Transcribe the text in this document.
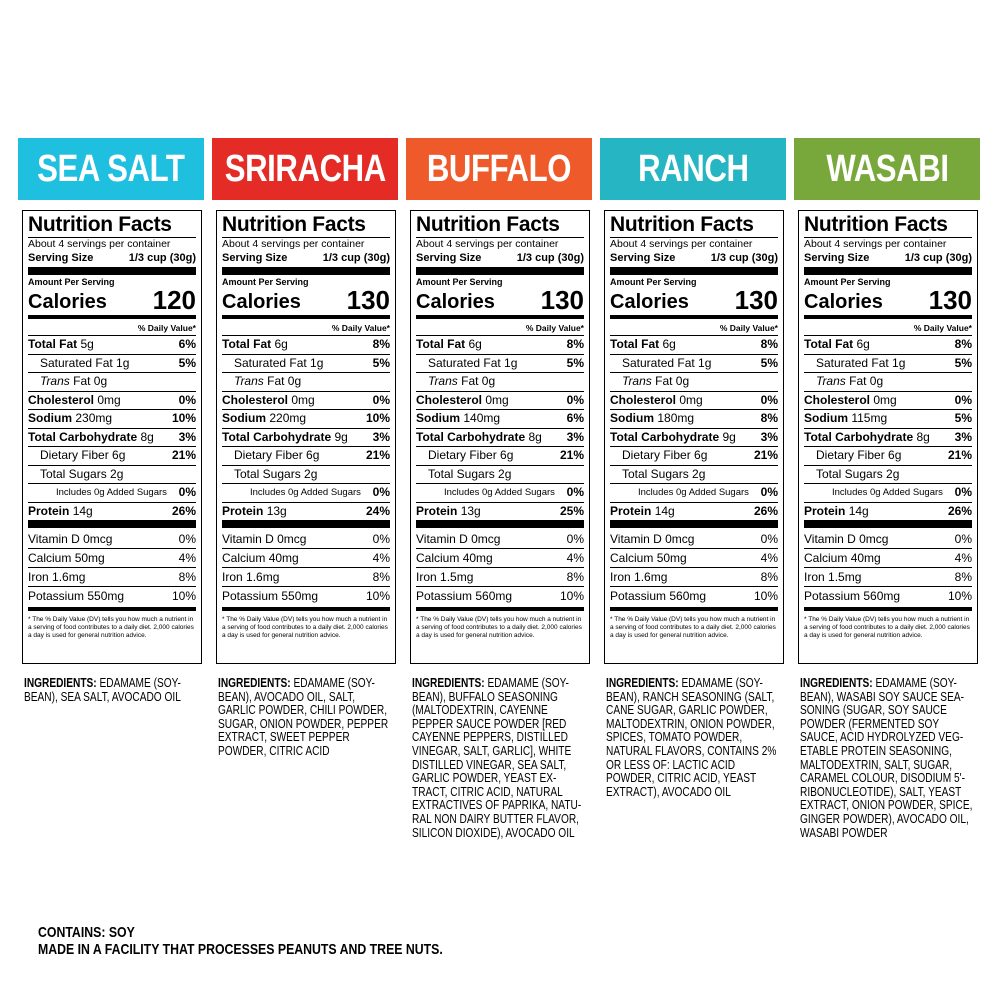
SEA SALT
Nutrition Facts
About 4 servings per container
Serving Size	1/3 cup (30g)
Amount Per Serving
Calories 120
% Daily Value*
Total Fat 5g	6%
Saturated Fat 1g	5%
Trans Fat 0g
Cholesterol 0mg	0%
Sodium 230mg	10%
Total Carbohydrate 8g 3%
Dietary Fiber 6g	21%
Total Sugars 2g
Includes 0g Added Sugars 0%
Protein 14g	26%
Vitamin D 0mcg	0%
Calcium 50mg	4%
Iron 1.6mg	8%
Potassium 550mg	10%
* The % Daily Value (DV) tells you how much a nutrient in a serving of food contributes to a daily diet. 2,000 calories a day is used for general nutrition advice.
INGREDIENTS: EDAMAME (SOY-BEAN), SEA SALT, AVOCADO OIL
SRIRACHA
Nutrition Facts
About 4 servings per container
Serving Size	1/3 cup (30g)
Amount Per Serving
Calories 130
% Daily Value*
Total Fat 6g	8%
Saturated Fat 1g	5%
Trans Fat 0g
Cholesterol 0mg	0%
Sodium 220mg	10%
Total Carbohydrate 9g 3%
Dietary Fiber 6g	21%
Total Sugars 2g
Includes 0g Added Sugars 0%
Protein 13g	24%
Vitamin D 0mcg	0%
Calcium 40mg	4%
Iron 1.6mg	8%
Potassium 550mg	10%
* The % Daily Value (DV) tells you how much a nutrient in a serving of food contributes to a daily diet. 2,000 calories a day is used for general nutrition advice.
INGREDIENTS: EDAMAME (SOY-BEAN), AVOCADO OIL, SALT, GARLIC POWDER, CHILI POWDER, SUGAR, ONION POWDER, PEPPER EXTRACT, SWEET PEPPER POWDER, CITRIC ACID
BUFFALO
Nutrition Facts
About 4 servings per container
Serving Size	1/3 cup (30g)
Amount Per Serving
Calories 130
% Daily Value*
Total Fat 6g	8%
Saturated Fat 1g	5%
Trans Fat 0g
Cholesterol 0mg	0%
Sodium 140mg	6%
Total Carbohydrate 8g 3%
Dietary Fiber 6g	21%
Total Sugars 2g
Includes 0g Added Sugars 0%
Protein 13g	25%
Vitamin D 0mcg	0%
Calcium 40mg	4%
Iron 1.5mg	8%
Potassium 560mg	10%
* The % Daily Value (DV) tells you how much a nutrient in a serving of food contributes to a daily diet. 2,000 calories a day is used for general nutrition advice.
INGREDIENTS: EDAMAME (SOY-BEAN), BUFFALO SEASONING (MALTODEXTRIN, CAYENNE PEPPER SAUCE POWDER [RED CAYENNE PEPPERS, DISTILLED VINEGAR, SALT, GARLIC], WHITE DISTILLED VINEGAR, SEA SALT, GARLIC POWDER, YEAST EX-TRACT, CITRIC ACID, NATURAL EXTRACTIVES OF PAPRIKA, NATU-RAL NON DAIRY BUTTER FLAVOR, SILICON DIOXIDE), AVOCADO OIL
RANCH
Nutrition Facts
About 4 servings per container
Serving Size	1/3 cup (30g)
Amount Per Serving
Calories 130
% Daily Value*
Total Fat 6g	8%
Saturated Fat 1g	5%
Trans Fat 0g
Cholesterol 0mg	0%
Sodium 180mg	8%
Total Carbohydrate 9g 3%
Dietary Fiber 6g	21%
Total Sugars 2g
Includes 0g Added Sugars 0%
Protein 14g	26%
Vitamin D 0mcg	0%
Calcium 50mg	4%
Iron 1.6mg	8%
Potassium 560mg	10%
* The % Daily Value (DV) tells you how much a nutrient in a serving of food contributes to a daily diet. 2,000 calories a day is used for general nutrition advice.
INGREDIENTS: EDAMAME (SOY-BEAN), RANCH SEASONING (SALT, CANE SUGAR, GARLIC POWDER, MALTODEXTRIN, ONION POWDER, SPICES, TOMATO POWDER, NATURAL FLAVORS, CONTAINS 2% OR LESS OF: LACTIC ACID POWDER, CITRIC ACID, YEAST EXTRACT), AVOCADO OIL
WASABI
Nutrition Facts
About 4 servings per container
Serving Size	1/3 cup (30g)
Amount Per Serving
Calories 130
% Daily Value*
Total Fat 6g	8%
Saturated Fat 1g	5%
Trans Fat 0g
Cholesterol 0mg	0%
Sodium 115mg	5%
Total Carbohydrate 8g 3%
Dietary Fiber 6g	21%
Total Sugars 2g
Includes 0g Added Sugars 0%
Protein 14g	26%
Vitamin D 0mcg	0%
Calcium 40mg	4%
Iron 1.5mg	8%
Potassium 560mg	10%
* The % Daily Value (DV) tells you how much a nutrient in a serving of food contributes to a daily diet. 2,000 calories a day is used for general nutrition advice.
INGREDIENTS: EDAMAME (SOY-BEAN), WASABI SOY SAUCE SEA-SONING (SUGAR, SOY SAUCE POWDER (FERMENTED SOY SAUCE, ACID HYDROLYZED VEG-ETABLE PROTEIN SEASONING, MALTODEXTRIN, SALT, SUGAR, CARAMEL COLOUR, DISODIUM 5'-RIBONUCLEOTIDE), SALT, YEAST EXTRACT, ONION POWDER, SPICE, GINGER POWDER), AVOCADO OIL, WASABI POWDER
CONTAINS: SOY
MADE IN A FACILITY THAT PROCESSES PEANUTS AND TREE NUTS.
